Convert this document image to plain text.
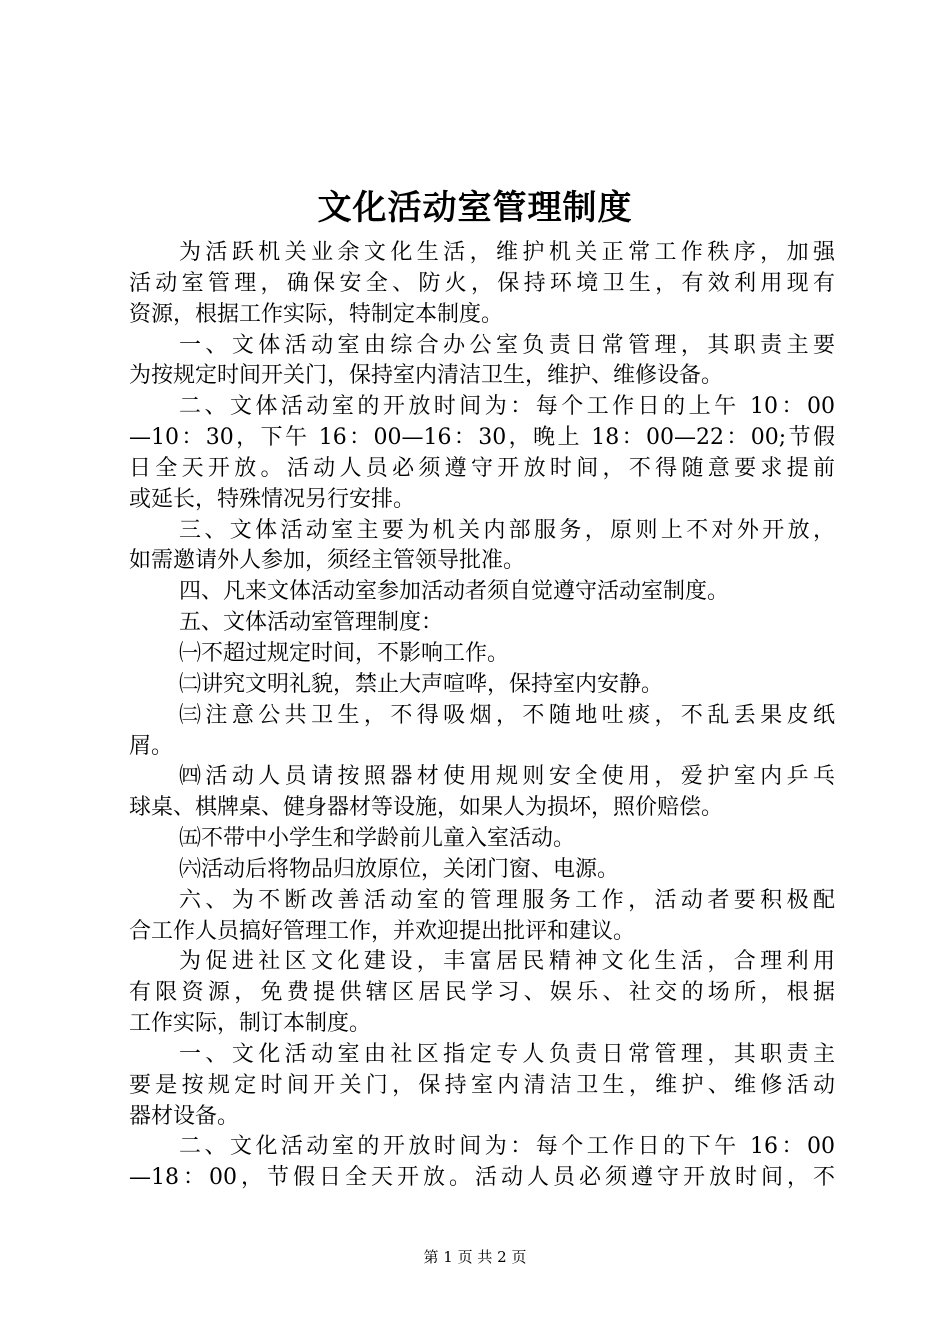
文化活动室管理制度
为活跃机关业余文化生活，维护机关正常工作秩序，加强
活动室管理，确保安全、防火，保持环境卫生，有效利用现有
资源，根据工作实际，特制定本制度。
一、文体活动室由综合办公室负责日常管理，其职责主要
为按规定时间开关门，保持室内清洁卫生，维护、维修设备。
二、文体活动室的开放时间为：每个工作日的上午 10：00
—10：30，下午 16：00—16：30，晚上 18：00—22：00;节假
日全天开放。活动人员必须遵守开放时间，不得随意要求提前
或延长，特殊情况另行安排。
三、文体活动室主要为机关内部服务，原则上不对外开放，
如需邀请外人参加，须经主管领导批准。
四、凡来文体活动室参加活动者须自觉遵守活动室制度。
五、文体活动室管理制度：
㈠不超过规定时间，不影响工作。
㈡讲究文明礼貌，禁止大声喧哗，保持室内安静。
㈢注意公共卫生，不得吸烟，不随地吐痰，不乱丢果皮纸
屑。
㈣活动人员请按照器材使用规则安全使用，爱护室内乒乓
球桌、棋牌桌、健身器材等设施，如果人为损坏，照价赔偿。
㈤不带中小学生和学龄前儿童入室活动。
㈥活动后将物品归放原位，关闭门窗、电源。
六、为不断改善活动室的管理服务工作，活动者要积极配
合工作人员搞好管理工作，并欢迎提出批评和建议。
为促进社区文化建设，丰富居民精神文化生活，合理利用
有限资源，免费提供辖区居民学习、娱乐、社交的场所，根据
工作实际，制订本制度。
一、文化活动室由社区指定专人负责日常管理，其职责主
要是按规定时间开关门，保持室内清洁卫生，维护、维修活动
器材设备。
二、文化活动室的开放时间为：每个工作日的下午 16：00
—18：00，节假日全天开放。活动人员必须遵守开放时间，不
第 1 页 共 2 页
